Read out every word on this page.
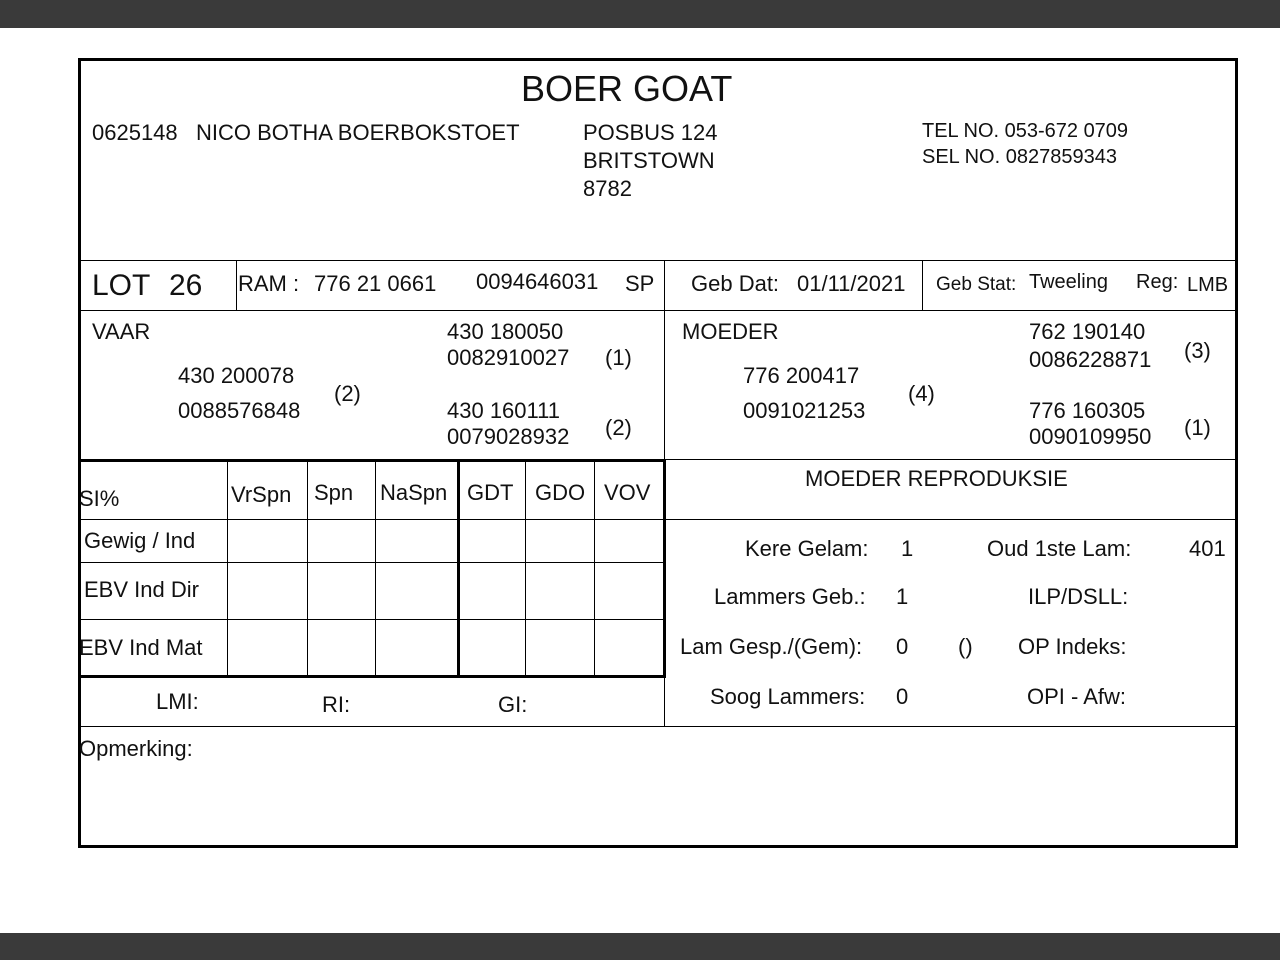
BOER GOAT
0625148 NICO BOTHA BOERBOKSTOET	POSBUS 124
BRITSTOWN
8782
TEL NO. 053-672 0709
SEL NO. 0827859343
LOT 26 RAM : 776 21 0661 0094646031 SP Geb Dat: 01/11/2021 Geb Stat: Tweeling Reg: LMB
VAAR
430 200078
0088576848
(2)
430 180050
0082910027 (1)
430 160111
0079028932 (2)
MOEDER
776 200417
0091021253
(4)
762 190140
0086228871 (3)
776 160305
0090109950 (1)
SI%	VrSpn Spn NaSpn GDT GDO VOV
Gewig / Ind
EBV Ind Dir
EBV Ind Mat
LMI:	RI:	GI:
MOEDER REPRODUKSIE
Kere Gelam: 1	Oud 1ste Lam:	401
Lammers Geb.: 1	ILP/DSLL:
Lam Gesp./(Gem): 0 () OP Indeks:
Soog Lammers: 0	OPI - Afw:
Opmerking:
